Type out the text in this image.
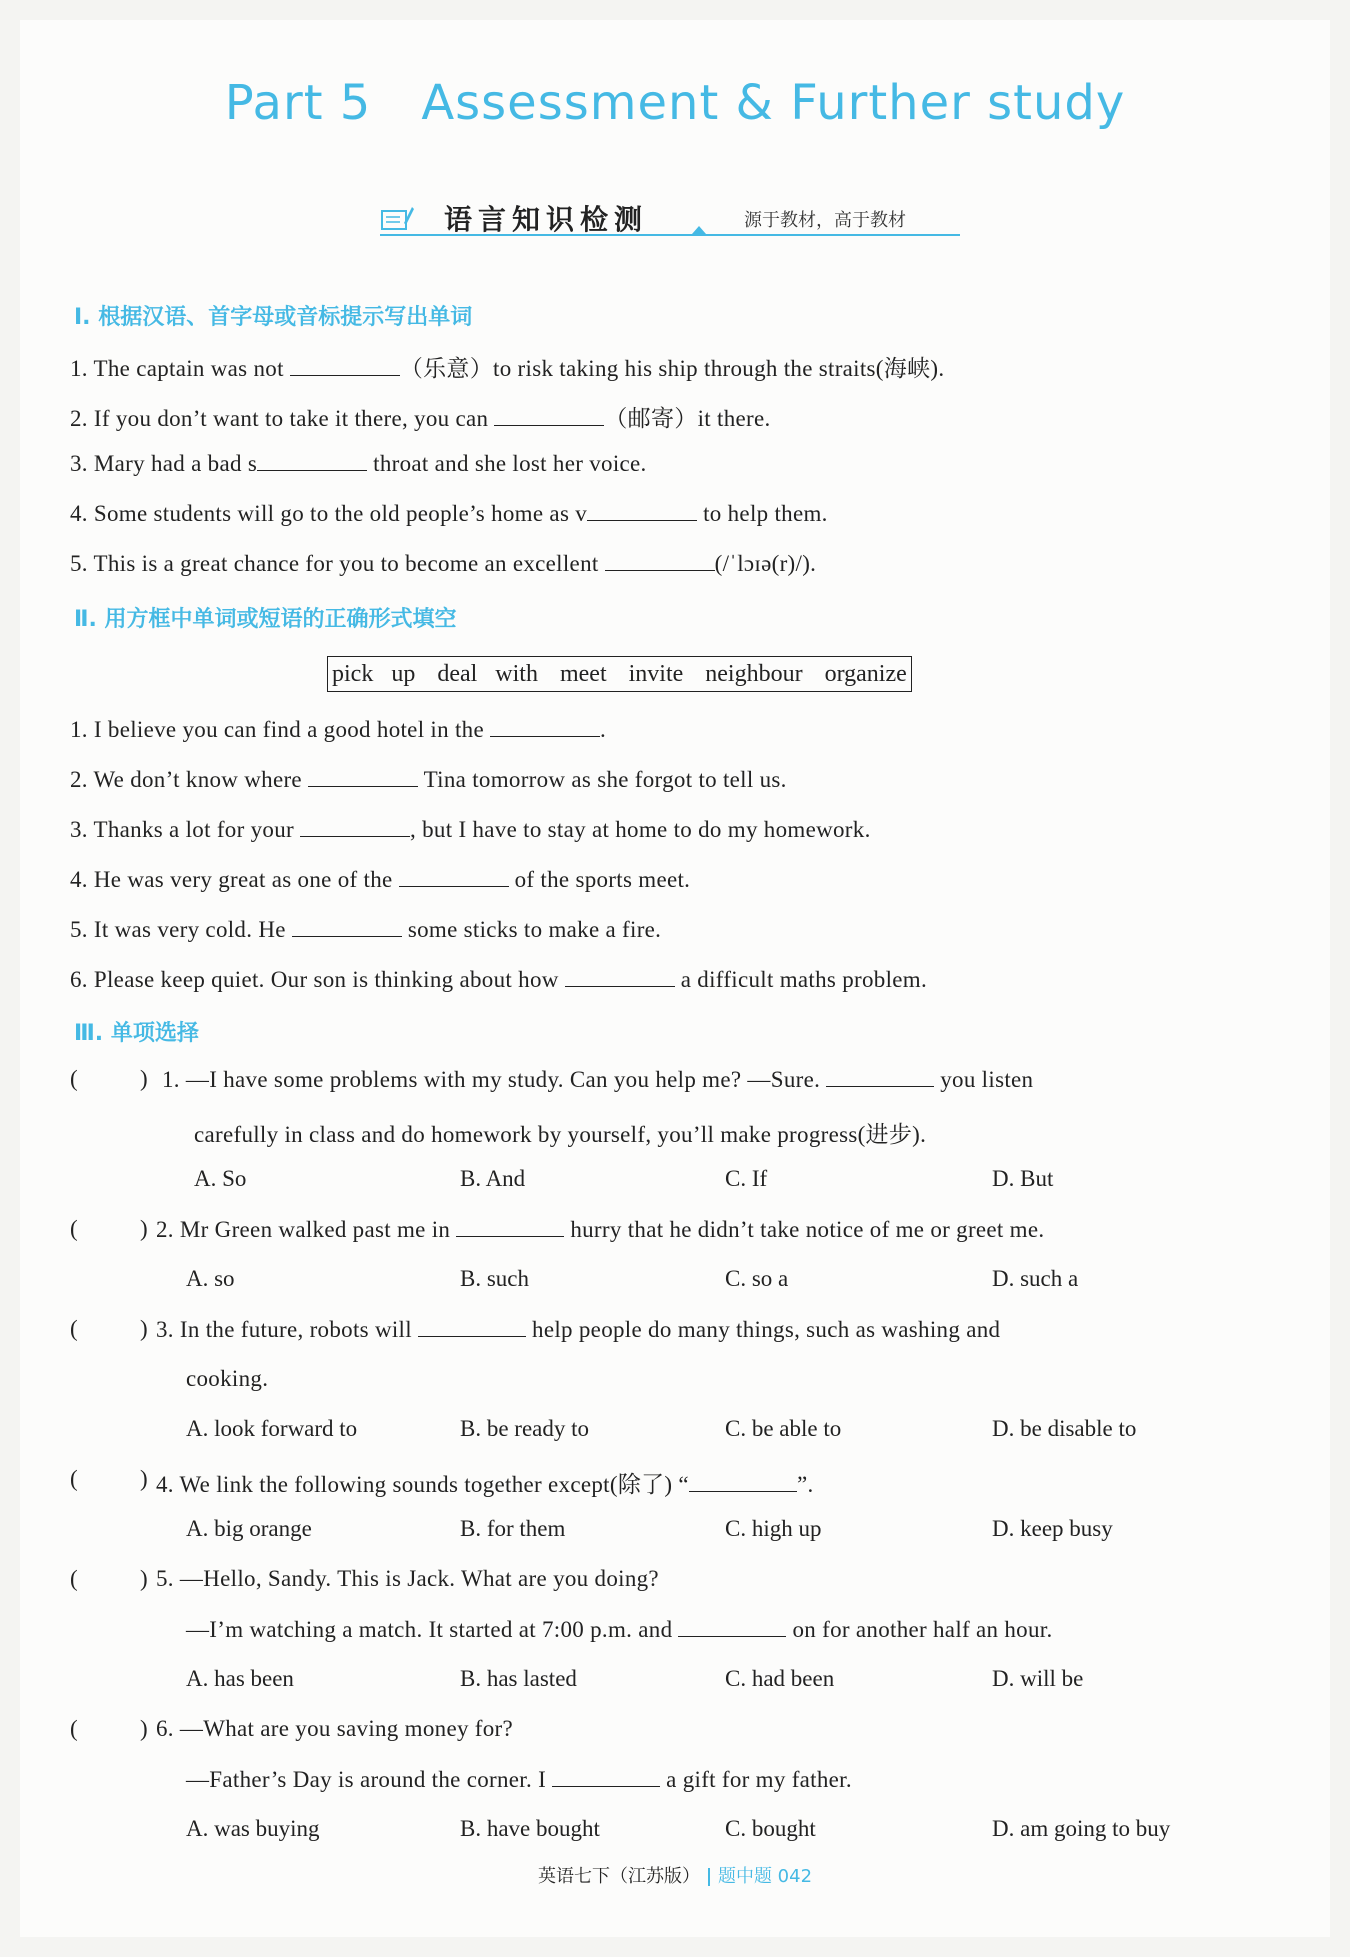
Part 5 Assessment & Further study
语言知识检测	源于教材，高于教材
Ⅰ. 根据汉语、首字母或音标提示写出单词
1. The captain was not	（乐意）to risk taking his ship through the straits(海峡).
2. If you don’t want to take it there, you can	（邮寄）it there.
3. Mary had a bad s	throat and she lost her voice.
4. Some students will go to the old people’s home as v	to help them.
5. This is a great chance for you to become an excellent	(/ˈlɔɪə(r)/).
Ⅱ. 用方框中单词或短语的正确形式填空
pick up deal with meet invite neighbour organize
1. I believe you can find a good hotel in the	.
2. We don’t know where	Tina tomorrow as she forgot to tell us.
3. Thanks a lot for your	, but I have to stay at home to do my homework.
4. He was very great as one of the	of the sports meet.
5. It was very cold. He	some sticks to make a fire.
6. Please keep quiet. Our son is thinking about how	a difficult maths problem.
Ⅲ. 单项选择
(	) 1. —I have some problems with my study. Can you help me? —Sure.	you listen
carefully in class and do homework by yourself, you’ll make progress(进步).
A. So	B. And	C. If	D. But
(	) 2. Mr Green walked past me in	hurry that he didn’t take notice of me or greet me.
A. so	B. such	C. so a	D. such a
(	) 3. In the future, robots will	help people do many things, such as washing and
cooking.
A. look forward to	B. be ready to	C. be able to	D. be disable to
(	) 4. We link the following sounds together except(除了) “	”.
A. big orange	B. for them	C. high up	D. keep busy
(	) 5. —Hello, Sandy. This is Jack. What are you doing?
—I’m watching a match. It started at 7:00 p.m. and	on for another half an hour.
A. has been	B. has lasted	C. had been	D. will be
(	) 6. —What are you saving money for?
—Father’s Day is around the corner. I	a gift for my father.
A. was buying	B. have bought	C. bought	D. am going to buy
英语七下（江苏版） 题中题 042
